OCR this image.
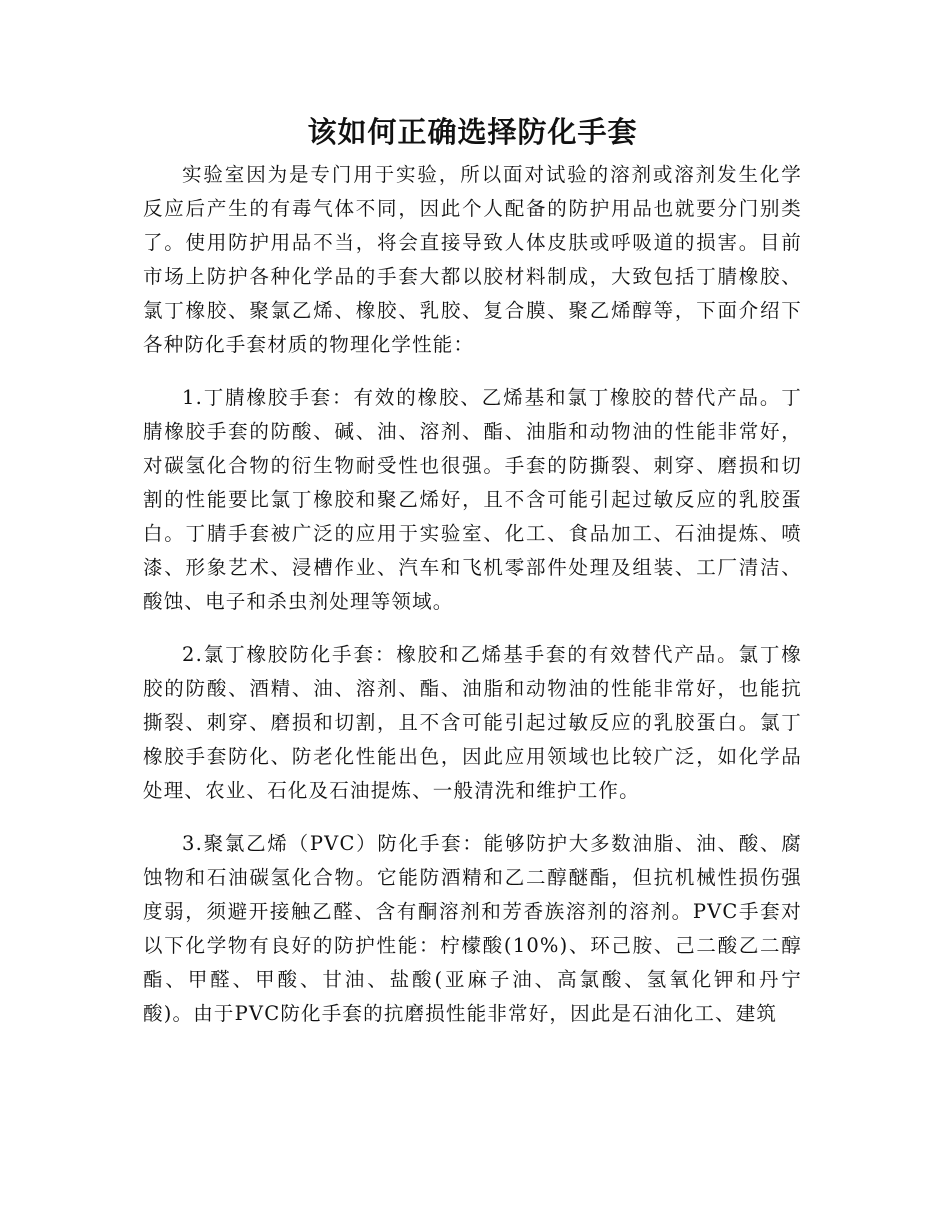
该如何正确选择防化手套

实验室因为是专门用于实验，所以面对试验的溶剂或溶剂发生化学反应后产生的有毒气体不同，因此个人配备的防护用品也就要分门别类了。使用防护用品不当，将会直接导致人体皮肤或呼吸道的损害。目前市场上防护各种化学品的手套大都以胶材料制成，大致包括丁腈橡胶、氯丁橡胶、聚氯乙烯、橡胶、乳胶、复合膜、聚乙烯醇等，下面介绍下各种防化手套材质的物理化学性能：

1.丁腈橡胶手套：有效的橡胶、乙烯基和氯丁橡胶的替代产品。丁腈橡胶手套的防酸、碱、油、溶剂、酯、油脂和动物油的性能非常好，对碳氢化合物的衍生物耐受性也很强。手套的防撕裂、刺穿、磨损和切割的性能要比氯丁橡胶和聚乙烯好，且不含可能引起过敏反应的乳胶蛋白。丁腈手套被广泛的应用于实验室、化工、食品加工、石油提炼、喷漆、形象艺术、浸槽作业、汽车和飞机零部件处理及组装、工厂清洁、酸蚀、电子和杀虫剂处理等领域。

2.氯丁橡胶防化手套：橡胶和乙烯基手套的有效替代产品。氯丁橡胶的防酸、酒精、油、溶剂、酯、油脂和动物油的性能非常好，也能抗撕裂、刺穿、磨损和切割，且不含可能引起过敏反应的乳胶蛋白。氯丁橡胶手套防化、防老化性能出色，因此应用领域也比较广泛，如化学品处理、农业、石化及石油提炼、一般清洗和维护工作。

3.聚氯乙烯（PVC）防化手套：能够防护大多数油脂、油、酸、腐蚀物和石油碳氢化合物。它能防酒精和乙二醇醚酯，但抗机械性损伤强度弱，须避开接触乙醛、含有酮溶剂和芳香族溶剂的溶剂。PVC手套对以下化学物有良好的防护性能：柠檬酸(10%)、环己胺、己二酸乙二醇酯、甲醛、甲酸、甘油、盐酸(亚麻子油、高氯酸、氢氧化钾和丹宁酸)。由于PVC防化手套的抗磨损性能非常好，因此是石油化工、建筑
